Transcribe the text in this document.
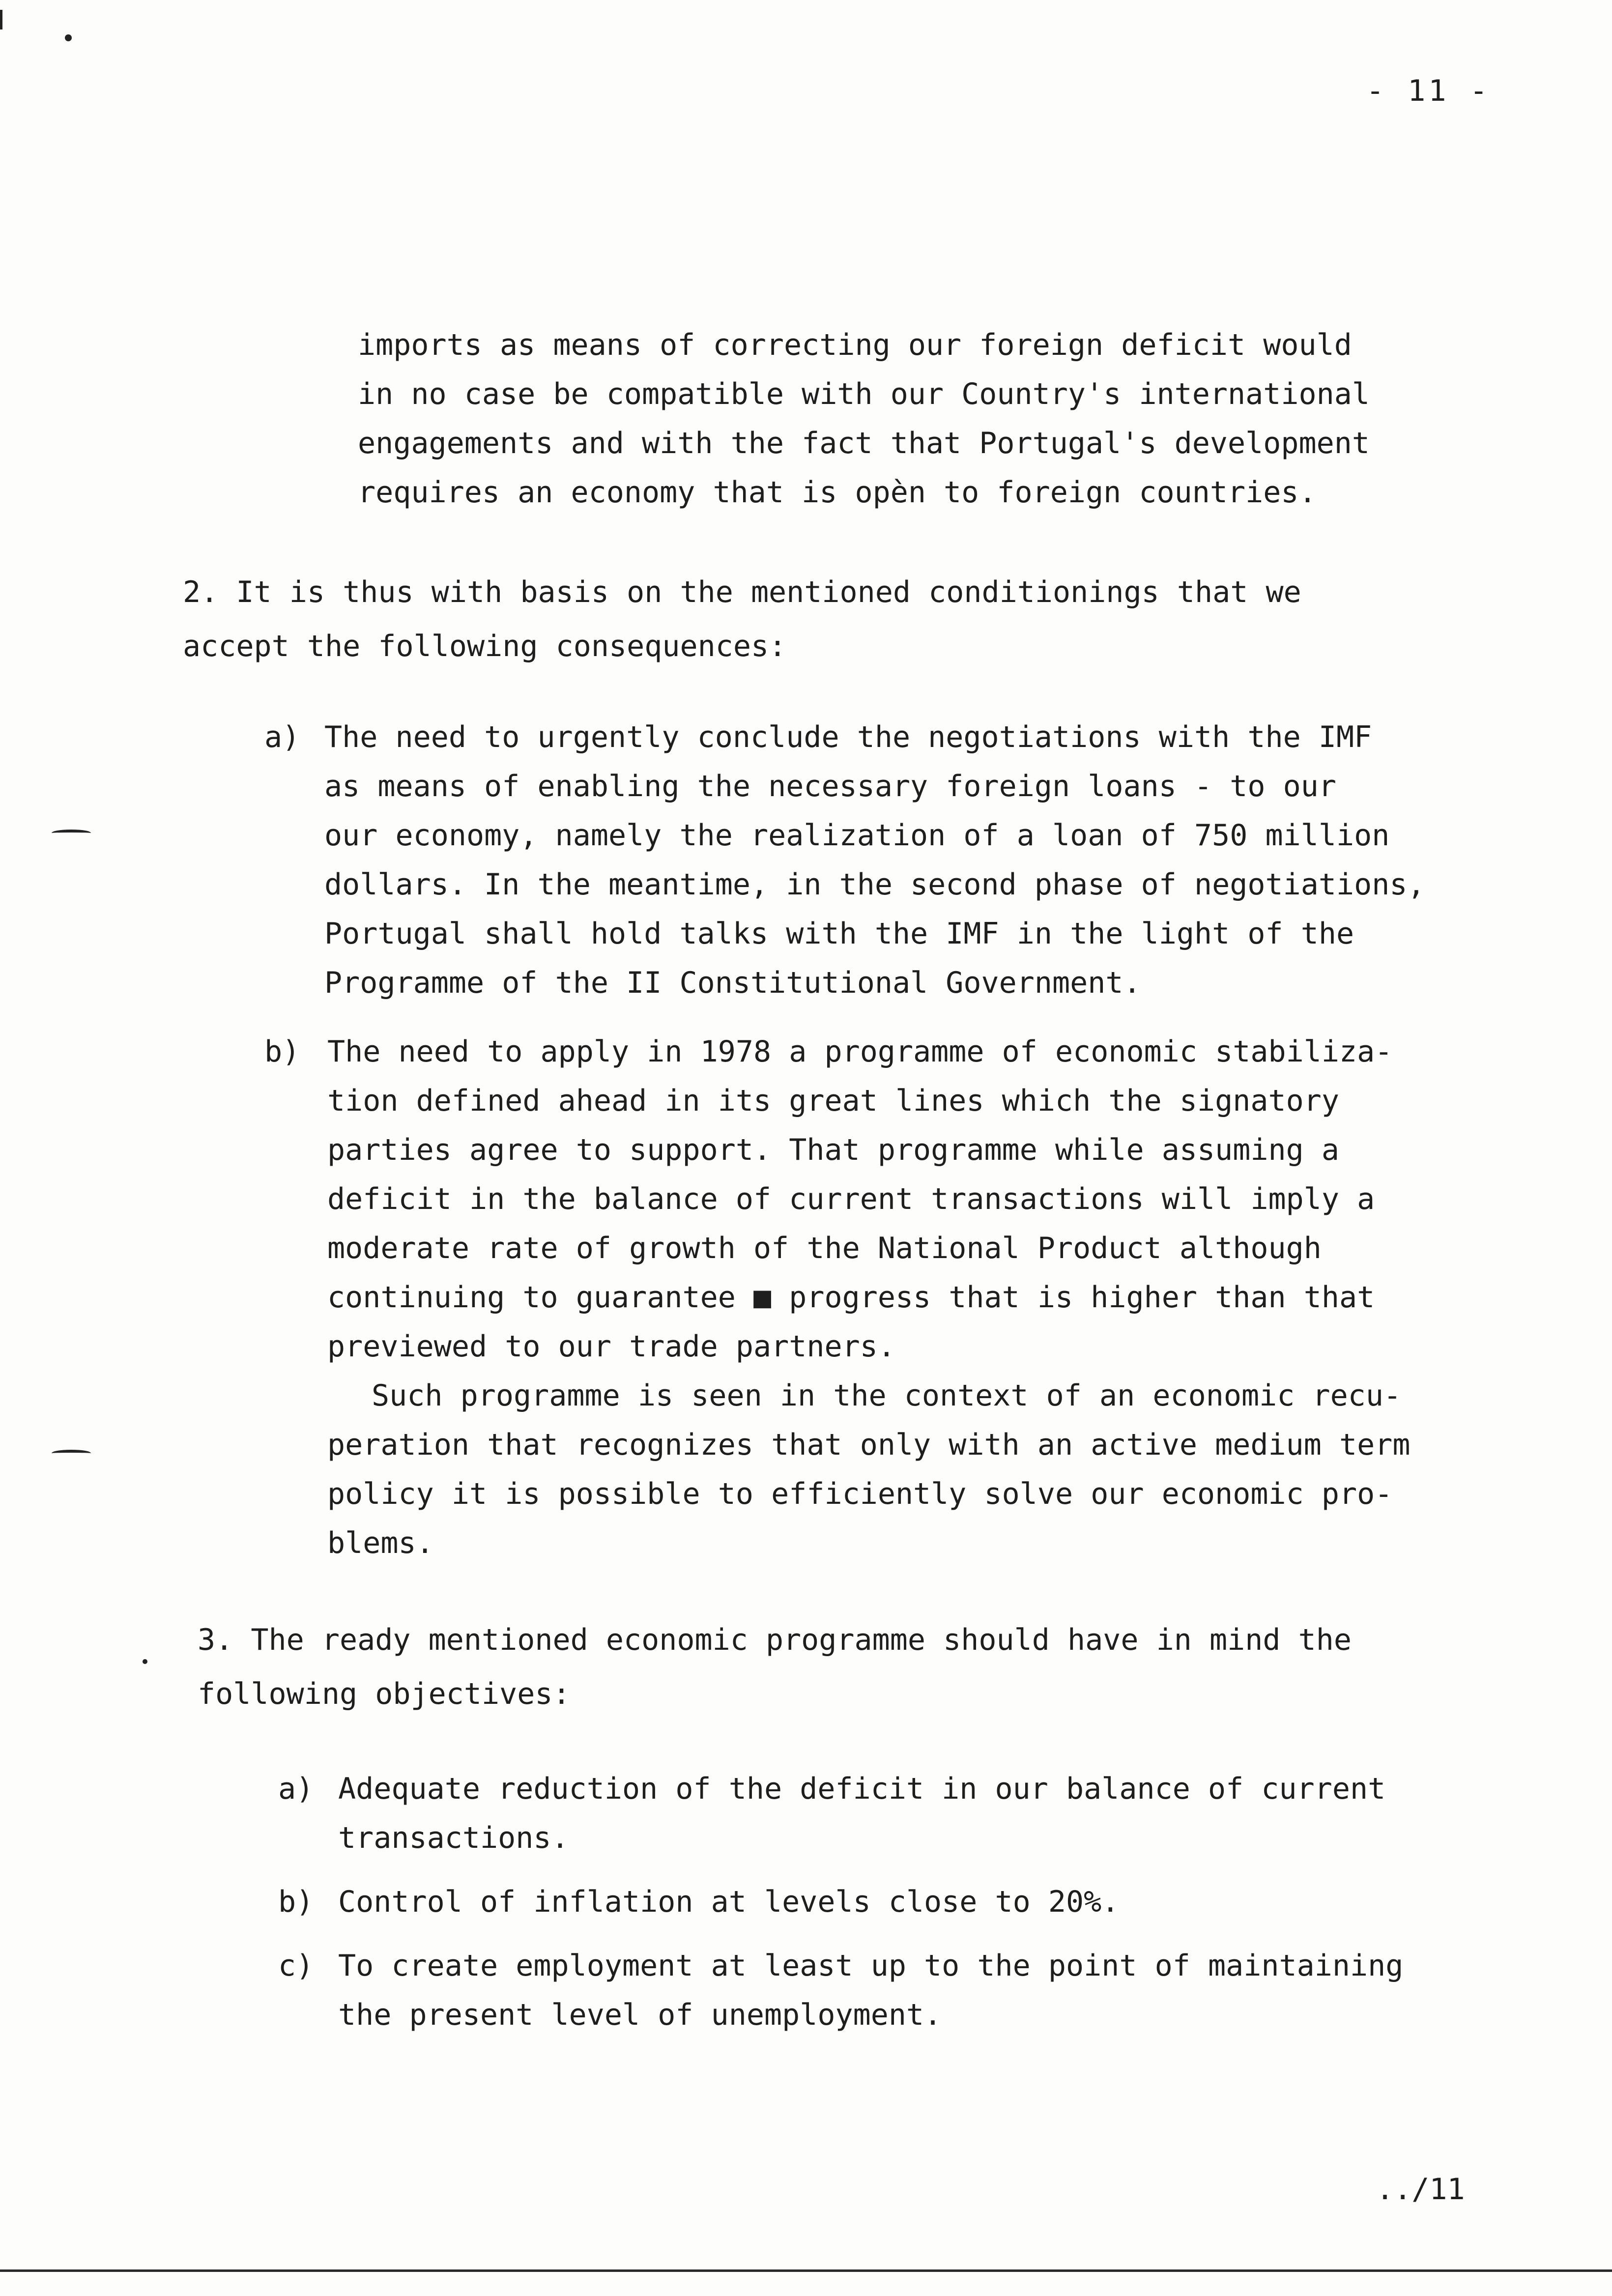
- 11 -
imports as means of correcting our foreign deficit would
in no case be compatible with our Country's international
engagements and with the fact that Portugal's development
requires an economy that is opèn to foreign countries.
2. It is thus with basis on the mentioned conditionings that we
accept the following consequences:
a) The need to urgently conclude the negotiations with the IMF
as means of enabling the necessary foreign loans - to our
our economy, namely the realization of a loan of 750 million
dollars. In the meantime, in the second phase of negotiations,
Portugal shall hold talks with the IMF in the light of the
Programme of the II Constitutional Government.
b) The need to apply in 1978 a programme of economic stabiliza-
tion defined ahead in its great lines which the signatory
parties agree to support. That programme while assuming a
deficit in the balance of current transactions will imply a
moderate rate of growth of the National Product although
continuing to guarantee ■ progress that is higher than that
previewed to our trade partners.
Such programme is seen in the context of an economic recu-
peration that recognizes that only with an active medium term
policy it is possible to efficiently solve our economic pro-
blems.
3. The ready mentioned economic programme should have in mind the
following objectives:
a) Adequate reduction of the deficit in our balance of current
transactions.
b) Control of inflation at levels close to 20%.
c) To create employment at least up to the point of maintaining
the present level of unemployment.
../11
